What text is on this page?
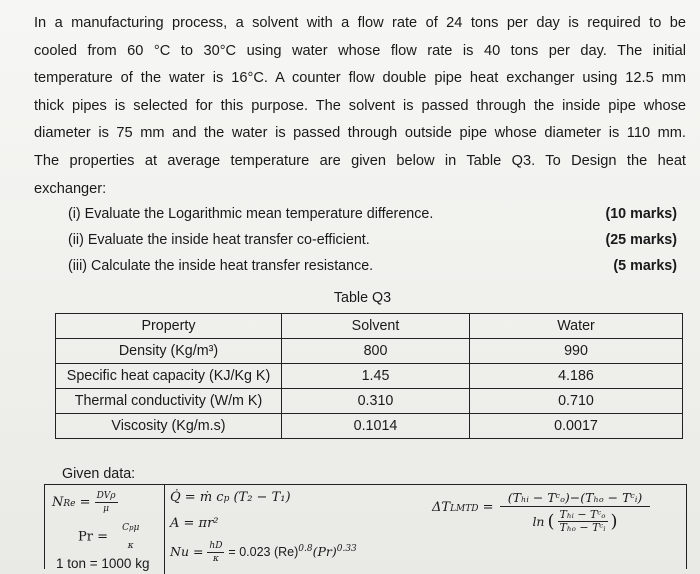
In a manufacturing process, a solvent with a flow rate of 24 tons per day is required to be
cooled from 60 °C to 30°C using water whose flow rate is 40 tons per day. The initial
temperature of the water is 16°C. A counter flow double pipe heat exchanger using 12.5 mm
thick pipes is selected for this purpose. The solvent is passed through the inside pipe whose
diameter is 75 mm and the water is passed through outside pipe whose diameter is 110 mm.
The properties at average temperature are given below in Table Q3. To Design the heat
exchanger:
(i) Evaluate the Logarithmic mean temperature difference.	(10 marks)
(ii) Evaluate the inside heat transfer co-efficient.	(25 marks)
(iii) Calculate the inside heat transfer resistance.	(5 marks)
Table Q3
Property	Solvent	Water
Density (Kg/m³)	800	990
Specific heat capacity (KJ/Kg K)	1.45	4.186
Thermal conductivity (W/m K)	0.310	0.710
Viscosity (Kg/m.s)	0.1014	0.0017
Given data:
NRe = $\frac{\text{DVρ}}{\mu}$
Pr =
Cpμ
κ
Q̇ = ṁ cp (T₂ − T₁)
A = πr²
$Nu = \frac{hD}{\kappa} = 0.023$ $(Re)^{0.8}(Pr)^{0.33}$
ΔTLMTD =
(Tₕᵢ − Tᶜₒ)−(Tₕₒ − Tᶜᵢ)
ln ( $\frac{\text{Tₕᵢ − Tᶜₒ}}{\text{Tₕₒ − Tᶜᵢ}}$ )
1 ton = 1000 kg
